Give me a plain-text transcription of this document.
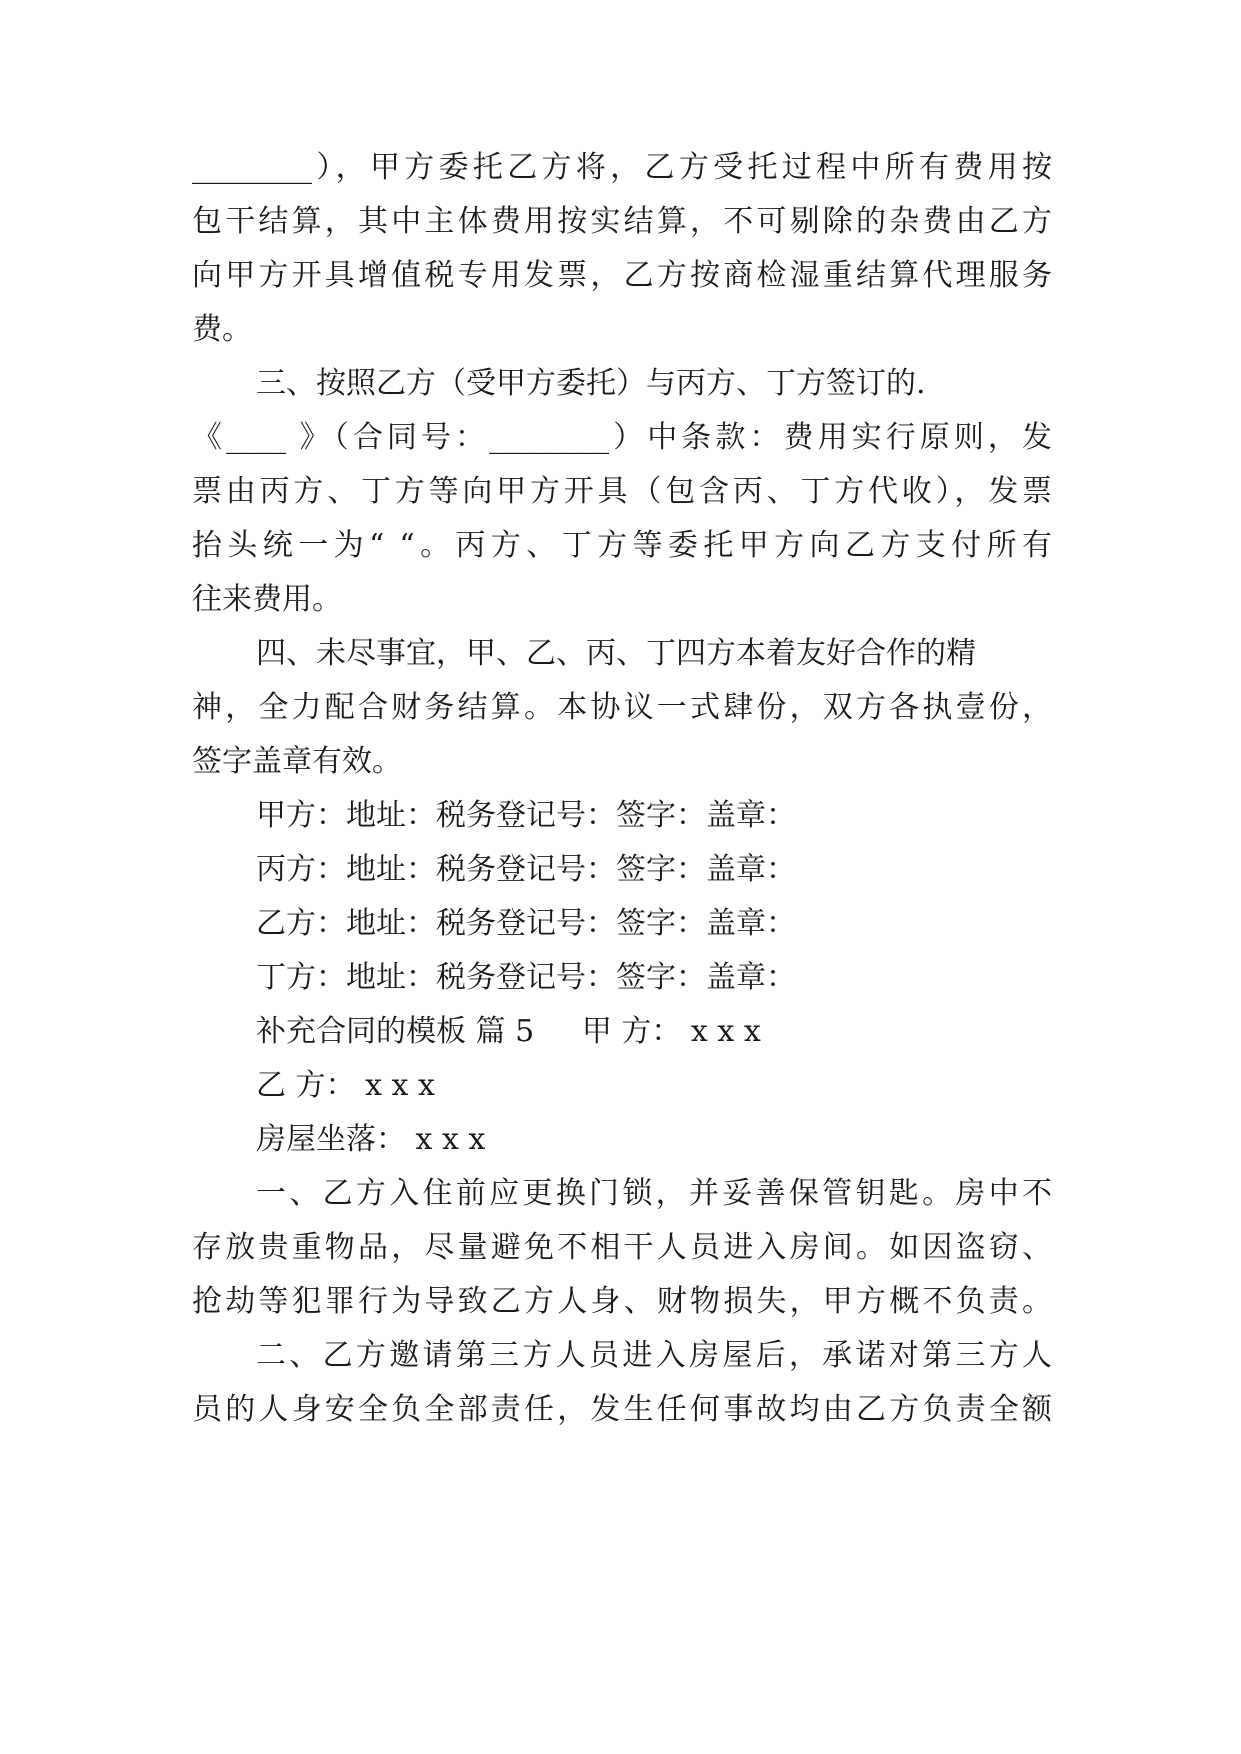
________），甲方委托乙方将，乙方受托过程中所有费用按
包干结算，其中主体费用按实结算，不可剔除的杂费由乙方
向甲方开具增值税专用发票，乙方按商检湿重结算代理服务
费。
三、按照乙方（受甲方委托）与丙方、丁方签订的.
《____ 》（合同号：________）中条款：费用实行原则，发
票由丙方、丁方等向甲方开具（包含丙、丁方代收），发票
抬头统一为“ “。丙方、丁方等委托甲方向乙方支付所有
往来费用。
四、未尽事宜，甲、乙、丙、丁四方本着友好合作的精
神，全力配合财务结算。本协议一式肆份，双方各执壹份，
签字盖章有效。
甲方：地址：税务登记号：签字：盖章：
丙方：地址：税务登记号：签字：盖章：
乙方：地址：税务登记号：签字：盖章：
丁方：地址：税务登记号：签字：盖章：
补充合同的模板 篇 5     甲 方： x x x
乙 方： x x x
房屋坐落： x x x
一、乙方入住前应更换门锁，并妥善保管钥匙。房中不
存放贵重物品，尽量避免不相干人员进入房间。如因盗窃、
抢劫等犯罪行为导致乙方人身、财物损失，甲方概不负责。
二、乙方邀请第三方人员进入房屋后，承诺对第三方人
员的人身安全负全部责任，发生任何事故均由乙方负责全额
